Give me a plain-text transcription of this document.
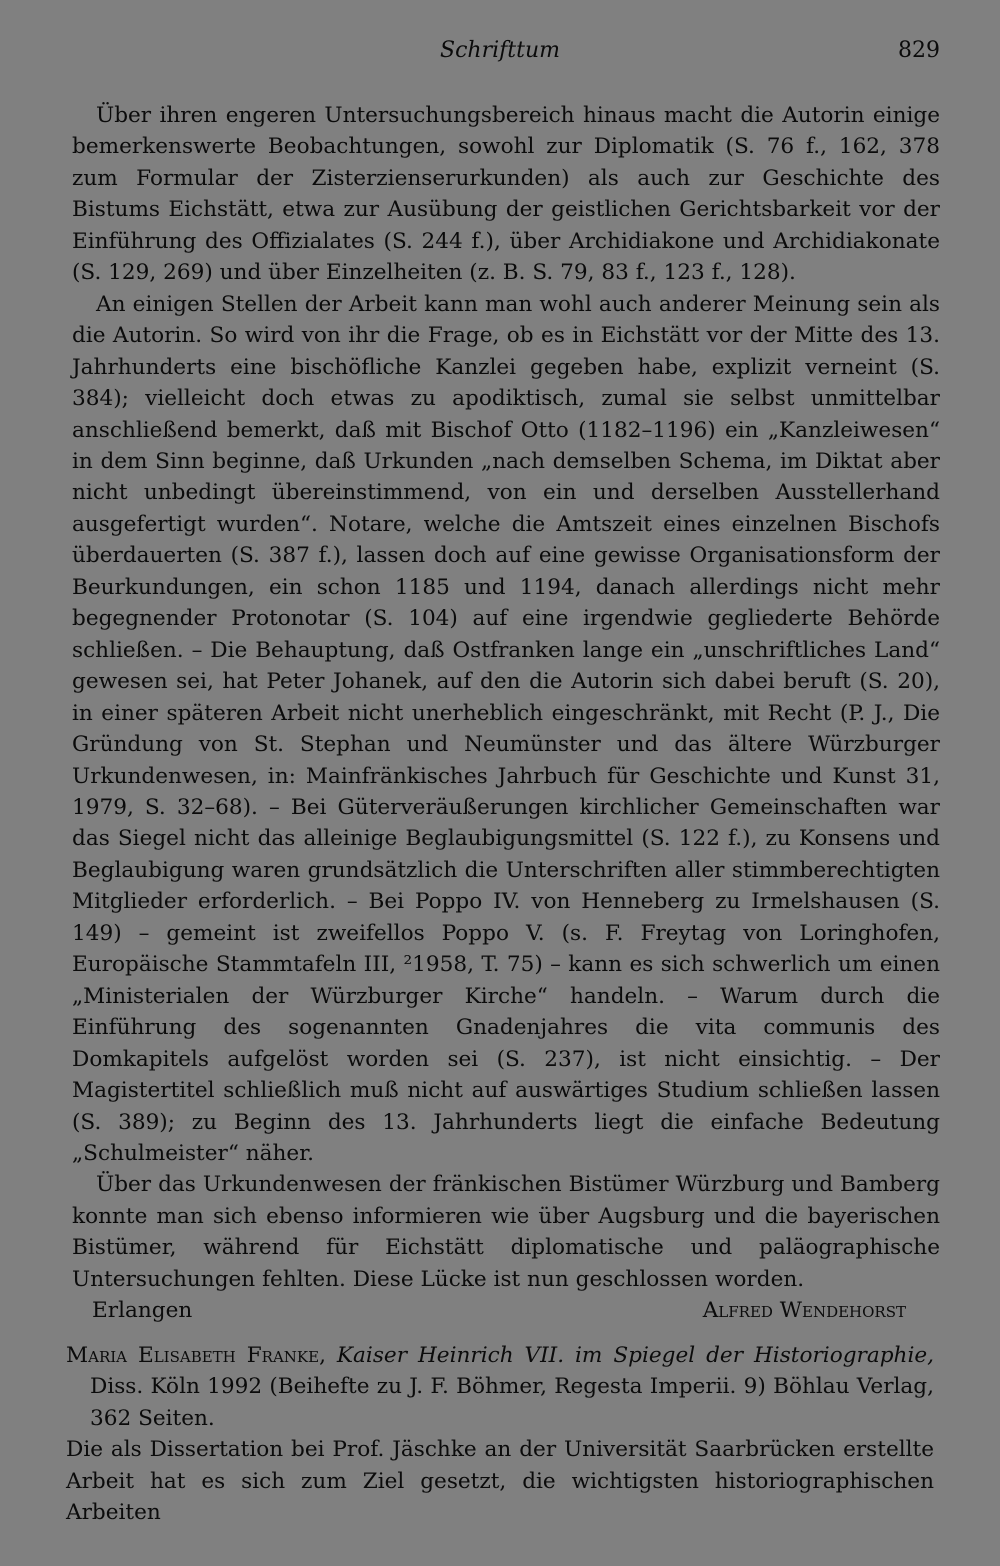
Schrifttum	829

Über ihren engeren Untersuchungsbereich hinaus macht die Autorin einige bemerkenswerte Beobachtungen, sowohl zur Diplomatik (S. 76 f., 162, 378 zum Formular der Zisterzienserurkunden) als auch zur Geschichte des Bistums Eichstätt, etwa zur Ausübung der geistlichen Gerichtsbarkeit vor der Einführung des Offizialates (S. 244 f.), über Archidiakone und Archidiakonate (S. 129, 269) und über Einzelheiten (z. B. S. 79, 83 f., 123 f., 128).

An einigen Stellen der Arbeit kann man wohl auch anderer Meinung sein als die Autorin. So wird von ihr die Frage, ob es in Eichstätt vor der Mitte des 13. Jahrhunderts eine bischöfliche Kanzlei gegeben habe, explizit verneint (S. 384); vielleicht doch etwas zu apodiktisch, zumal sie selbst unmittelbar anschließend bemerkt, daß mit Bischof Otto (1182–1196) ein „Kanzleiwesen“ in dem Sinn beginne, daß Urkunden „nach demselben Schema, im Diktat aber nicht unbedingt übereinstimmend, von ein und derselben Ausstellerhand ausgefertigt wurden“. Notare, welche die Amtszeit eines einzelnen Bischofs überdauerten (S. 387 f.), lassen doch auf eine gewisse Organisationsform der Beurkundungen, ein schon 1185 und 1194, danach allerdings nicht mehr begegnender Protonotar (S. 104) auf eine irgendwie gegliederte Behörde schließen. – Die Behauptung, daß Ostfranken lange ein „unschriftliches Land“ gewesen sei, hat Peter Johanek, auf den die Autorin sich dabei beruft (S. 20), in einer späteren Arbeit nicht unerheblich eingeschränkt, mit Recht (P. J., Die Gründung von St. Stephan und Neumünster und das ältere Würzburger Urkundenwesen, in: Mainfränkisches Jahrbuch für Geschichte und Kunst 31, 1979, S. 32–68). – Bei Güterveräußerungen kirchlicher Gemeinschaften war das Siegel nicht das alleinige Beglaubigungsmittel (S. 122 f.), zu Konsens und Beglaubigung waren grundsätzlich die Unterschriften aller stimmberechtigten Mitglieder erforderlich. – Bei Poppo IV. von Henneberg zu Irmelshausen (S. 149) – gemeint ist zweifellos Poppo V. (s. F. Freytag von Loringhofen, Europäische Stammtafeln III, ²1958, T. 75) – kann es sich schwerlich um einen „Ministerialen der Würzburger Kirche“ handeln. – Warum durch die Einführung des sogenannten Gnadenjahres die vita communis des Domkapitels aufgelöst worden sei (S. 237), ist nicht einsichtig. – Der Magistertitel schließlich muß nicht auf auswärtiges Studium schließen lassen (S. 389); zu Beginn des 13. Jahrhunderts liegt die einfache Bedeutung „Schulmeister“ näher.

Über das Urkundenwesen der fränkischen Bistümer Würzburg und Bamberg konnte man sich ebenso informieren wie über Augsburg und die bayerischen Bistümer, während für Eichstätt diplomatische und paläographische Untersuchungen fehlten. Diese Lücke ist nun geschlossen worden.

Erlangen	Alfred Wendehorst
Maria Elisabeth Franke, Kaiser Heinrich VII. im Spiegel der Historiographie, Diss. Köln 1992 (Beihefte zu J. F. Böhmer, Regesta Imperii. 9) Böhlau Verlag, 362 Seiten.
Die als Dissertation bei Prof. Jäschke an der Universität Saarbrücken erstellte Arbeit hat es sich zum Ziel gesetzt, die wichtigsten historiographischen Arbeiten
